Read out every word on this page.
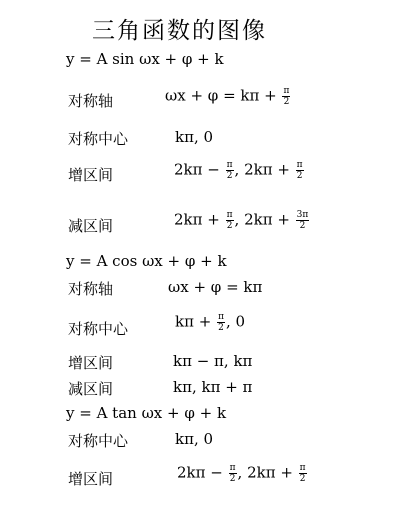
三角函数的图像
y = A sin ωx + φ + k
对称轴	$\omega x + \varphi = k\pi + \frac{\pi}{2}$
对称中心	kπ, 0
增区间	$2k\pi - \frac{\pi}{2}$ , $2k\pi + \frac{\pi}{2}$
减区间	$2k\pi + \frac{\pi}{2}$ , $2k\pi + \frac{3\pi}{2}$
y = A cos ωx + φ + k
对称轴	ωx + φ = kπ
对称中心	$k\pi + \frac{\pi}{2}$ , 0
增区间	kπ − π, kπ
减区间	kπ, kπ + π
y = A tan ωx + φ + k
对称中心	kπ, 0
增区间	$2k\pi - \frac{\pi}{2}$ , $2k\pi + \frac{\pi}{2}$
